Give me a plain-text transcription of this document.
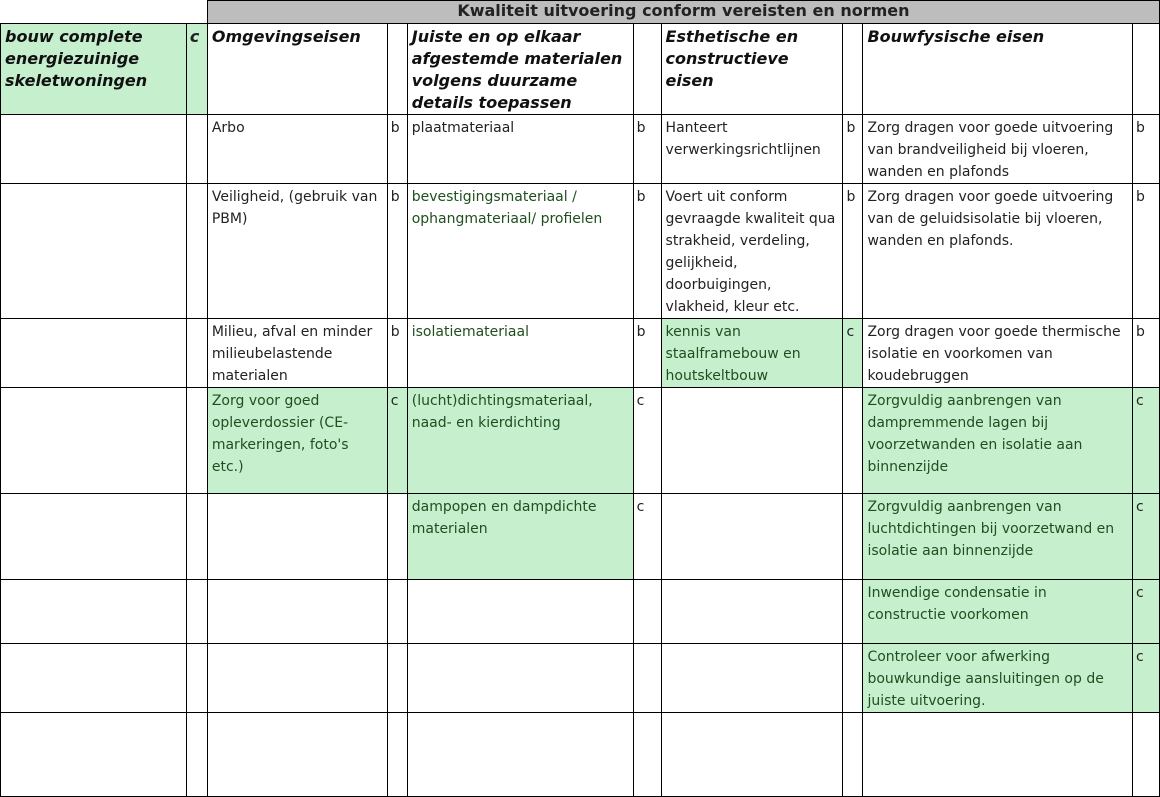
		Kwaliteit uitvoering conform vereisten en normen							
bouw complete energiezuinige skeletwoningen	c	Omgevingseisen		Juiste en op elkaar afgestemde materialen volgens duurzame details toepassen		Esthetische en constructieve eisen		Bouwfysische eisen	
		Arbo	b	plaatmateriaal	b	Hanteert verwerkingsrichtlijnen	b	Zorg dragen voor goede uitvoering van brandveiligheid bij vloeren, wanden en plafonds	b
		Veiligheid, (gebruik van PBM)	b	bevestigingsmateriaal / ophangmateriaal/ profielen	b	Voert uit conform gevraagde kwaliteit qua strakheid, verdeling, gelijkheid, doorbuigingen, vlakheid, kleur etc.	b	Zorg dragen voor goede uitvoering van de geluidsisolatie bij vloeren, wanden en plafonds.	b
		Milieu, afval en minder milieubelastende materialen	b	isolatiemateriaal	b	kennis van staalframebouw en houtskeltbouw	c	Zorg dragen voor goede thermische isolatie en voorkomen van koudebruggen	b
		Zorg voor goed opleverdossier (CE-markeringen, foto's etc.)	c	(lucht)dichtingsmateriaal, naad- en kierdichting	c			Zorgvuldig aanbrengen van dampremmende lagen bij voorzetwanden en isolatie aan binnenzijde	c
				dampopen en dampdichte materialen	c			Zorgvuldig aanbrengen van luchtdichtingen bij voorzetwand en isolatie aan binnenzijde	c
								Inwendige condensatie in constructie voorkomen	c
								Controleer voor afwerking bouwkundige aansluitingen op de juiste uitvoering.	c
